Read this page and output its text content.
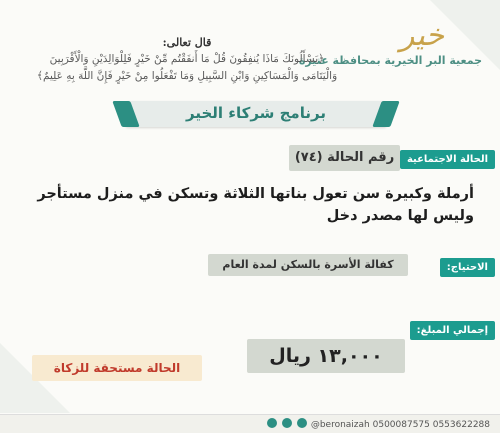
خير
جمعية البر الخيرية بمحافظة عنيزة
قال تعالى:
﴿يَسْأَلُونَكَ مَاذَا يُنفِقُونَ قُلْ مَا أَنفَقْتُم مِّنْ خَيْرٍ فَلِلْوَالِدَيْنِ وَالْأَقْرَبِينَ
وَالْيَتَامَى وَالْمَسَاكِينِ وَابْنِ السَّبِيلِ وَمَا تَفْعَلُوا مِنْ خَيْرٍ فَإِنَّ اللَّهَ بِهِ عَلِيمٌ﴾
برنامج شركاء الخير
الحالة الاجتماعية
رقم الحالة (٧٤)
أرملة وكبيرة سن تعول بناتها الثلاثة وتسكن في منزل مستأجر وليس لها مصدر دخل
الاحتياج:
كفالة الأسرة بالسكن لمدة العام
إجمالي المبلغ:
١٣,٠٠٠ ريال
الحالة مستحقة للزكاة
@beronaizah 0500087575 0553622288
